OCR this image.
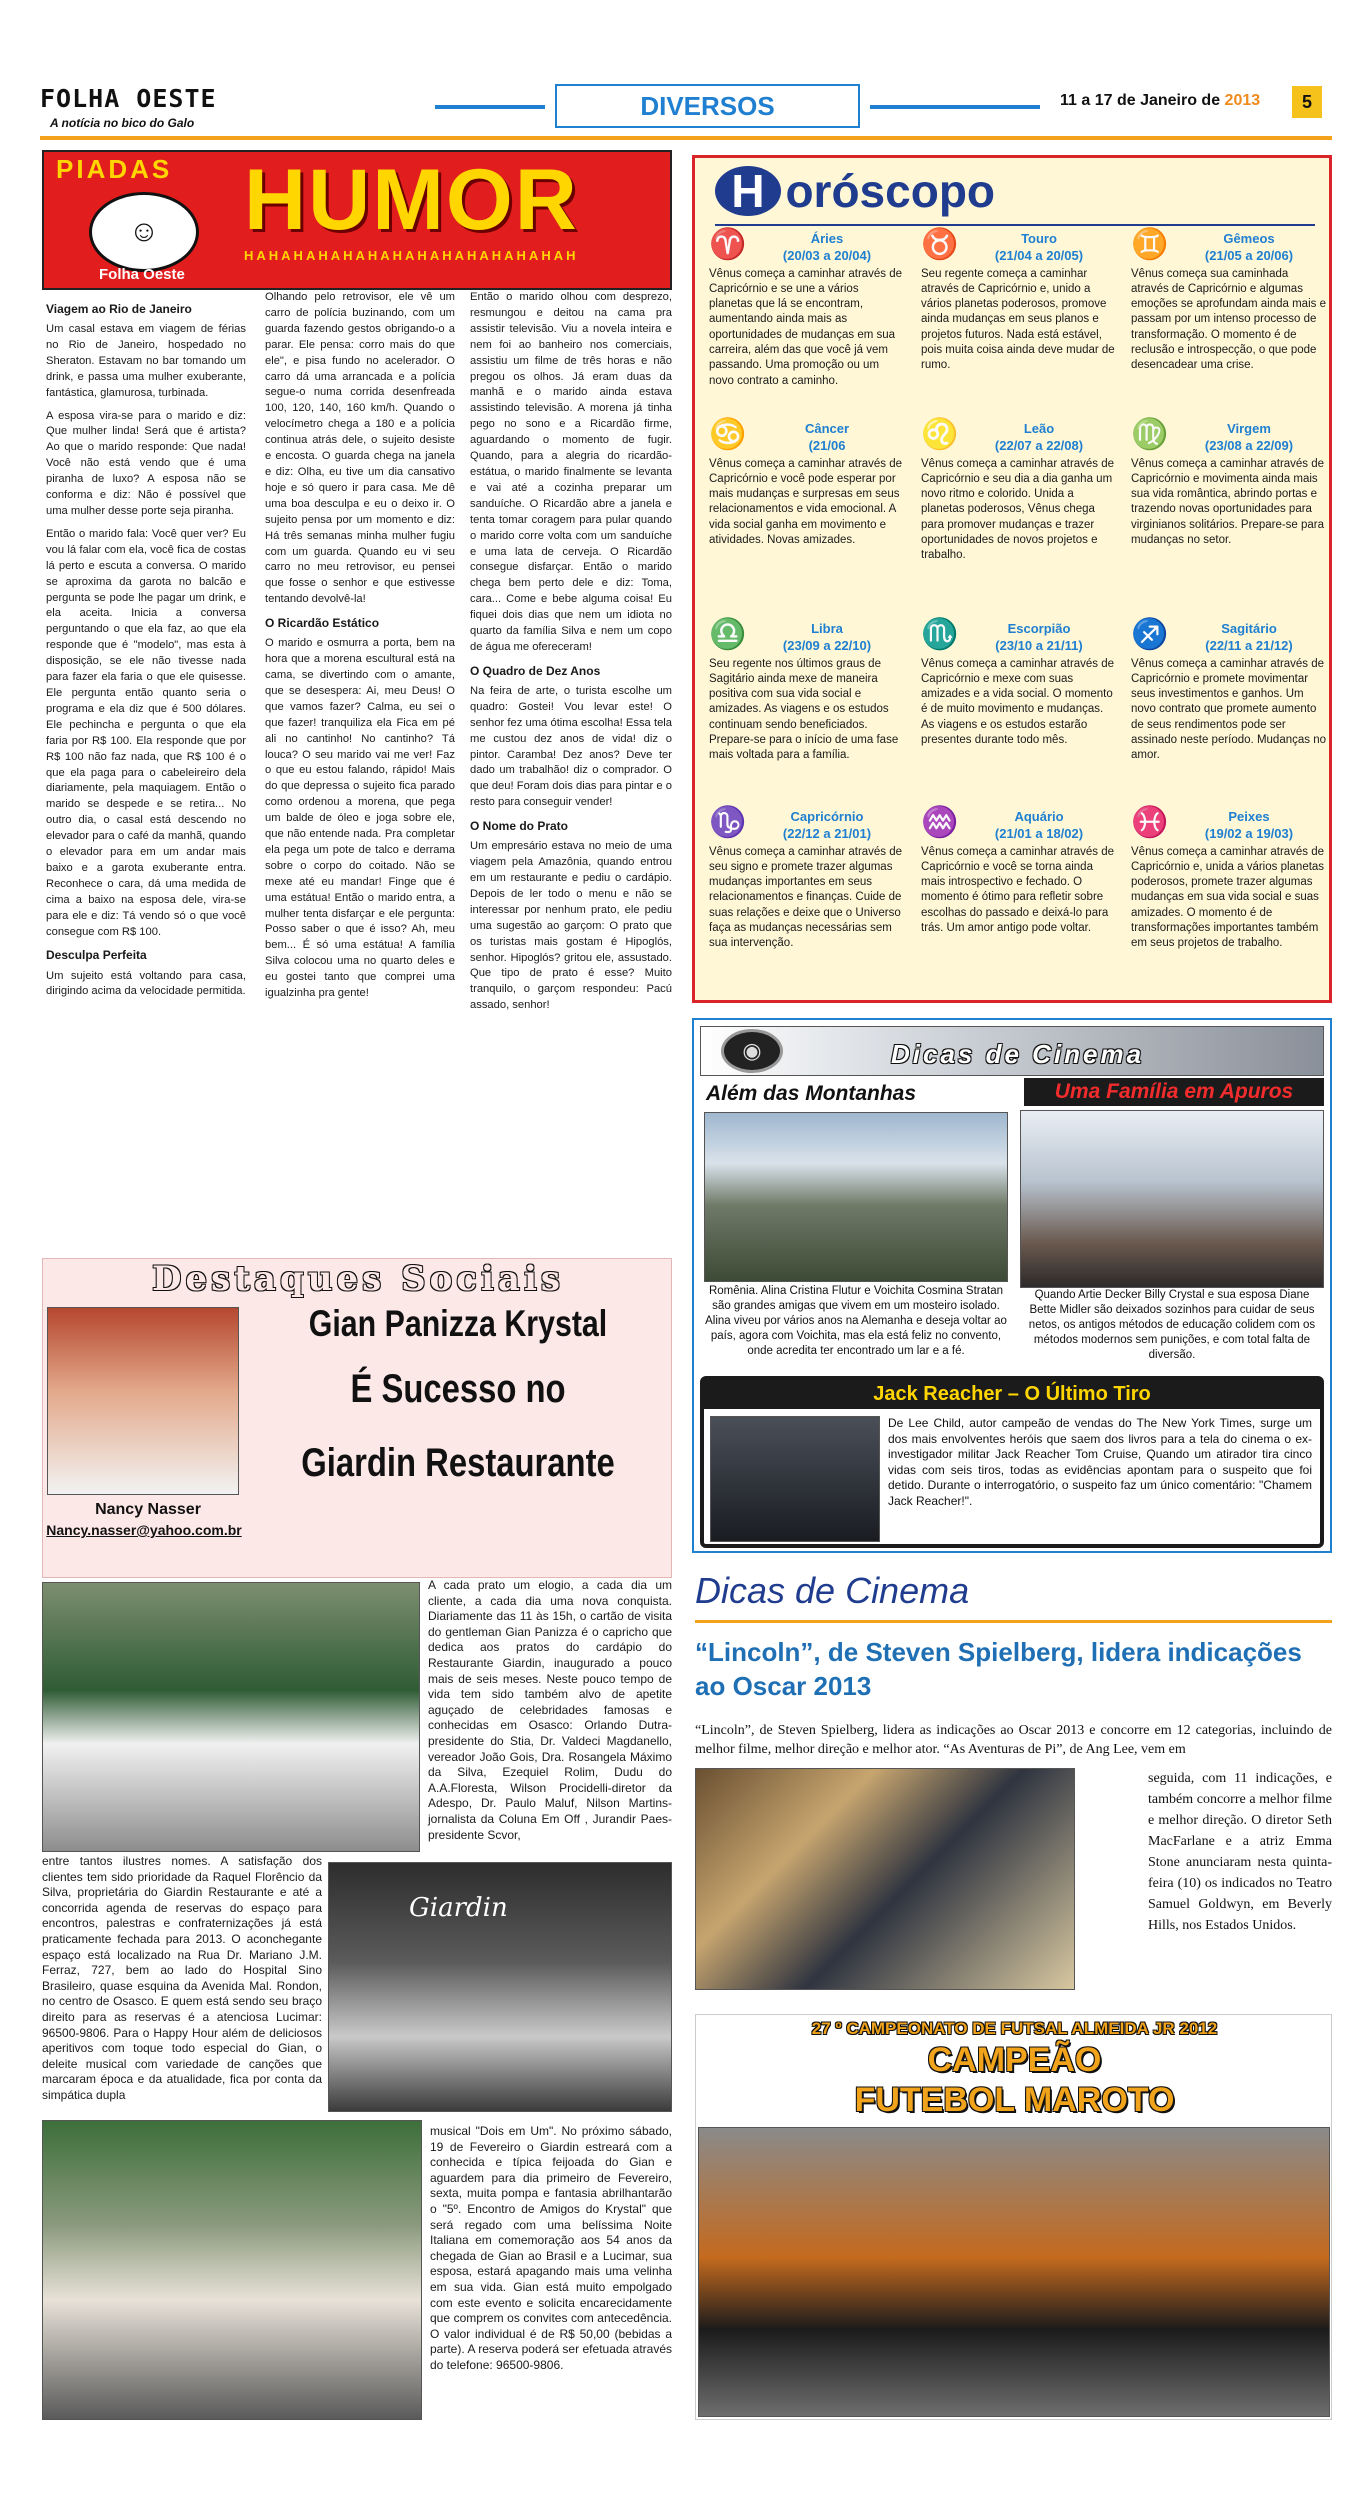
FOLHA OESTE
A notícia no bico do Galo
DIVERSOS	11 a 17 de Janeiro de 2013	5
PIADAS HUMOR
☺
HAHAHAHAHAHAHAHAHAHAHAHAHAH
Folha Oeste
Viagem ao Rio de Janeiro

Um casal estava em viagem de férias no Rio de Janeiro, hospedado no Sheraton. Estavam no bar tomando um drink, e passa uma mulher exuberante, fantástica, glamurosa, turbinada.

A esposa vira-se para o marido e diz: Que mulher linda! Será que é artista? Ao que o marido responde: Que nada! Você não está vendo que é uma piranha de luxo? A esposa não se conforma e diz: Não é possível que uma mulher desse porte seja piranha.

Então o marido fala: Você quer ver? Eu vou lá falar com ela, você fica de costas lá perto e escuta a conversa. O marido se aproxima da garota no balcão e pergunta se pode lhe pagar um drink, e ela aceita. Inicia a conversa perguntando o que ela faz, ao que ela responde que é "modelo", mas esta à disposição, se ele não tivesse nada para fazer ela faria o que ele quisesse. Ele pergunta então quanto seria o programa e ela diz que é 500 dólares. Ele pechincha e pergunta o que ela faria por R$ 100. Ela responde que por R$ 100 não faz nada, que R$ 100 é o que ela paga para o cabeleireiro dela diariamente, pela maquiagem. Então o marido se despede e se retira... No outro dia, o casal está descendo no elevador para o café da manhã, quando o elevador para em um andar mais baixo e a garota exuberante entra. Reconhece o cara, dá uma medida de cima a baixo na esposa dele, vira-se para ele e diz: Tá vendo só o que você consegue com R$ 100.

Desculpa Perfeita

Um sujeito está voltando para casa, dirigindo acima da velocidade permitida.

Olhando pelo retrovisor, ele vê um carro de polícia buzinando, com um guarda fazendo gestos obrigando-o a parar. Ele pensa: corro mais do que ele", e pisa fundo no acelerador. O carro dá uma arrancada e a polícia segue-o numa corrida desenfreada 100, 120, 140, 160 km/h. Quando o velocímetro chega a 180 e a polícia continua atrás dele, o sujeito desiste e encosta. O guarda chega na janela e diz: Olha, eu tive um dia cansativo hoje e só quero ir para casa. Me dê uma boa desculpa e eu o deixo ir. O sujeito pensa por um momento e diz: Há três semanas minha mulher fugiu com um guarda. Quando eu vi seu carro no meu retrovisor, eu pensei que fosse o senhor e que estivesse tentando devolvê-la!

O Ricardão Estático

O marido e osmurra a porta, bem na hora que a morena escultural está na cama, se divertindo com o amante, que se desespera: Ai, meu Deus! O que vamos fazer? Calma, eu sei o que fazer! tranquiliza ela Fica em pé ali no cantinho! No cantinho? Tá louca? O seu marido vai me ver! Faz o que eu estou falando, rápido! Mais do que depressa o sujeito fica parado como ordenou a morena, que pega um balde de óleo e joga sobre ele, que não entende nada. Pra completar ela pega um pote de talco e derrama sobre o corpo do coitado. Não se mexe até eu mandar! Finge que é uma estátua! Então o marido entra, a mulher tenta disfarçar e ele pergunta: Posso saber o que é isso? Ah, meu bem... É só uma estátua! A família Silva colocou uma no quarto deles e eu gostei tanto que comprei uma igualzinha pra gente!

Então o marido olhou com desprezo, resmungou e deitou na cama pra assistir televisão. Viu a novela inteira e nem foi ao banheiro nos comerciais, assistiu um filme de três horas e não pregou os olhos. Já eram duas da manhã e o marido ainda estava assistindo televisão. A morena já tinha pego no sono e a Ricardão firme, aguardando o momento de fugir. Quando, para a alegria do ricardão-estátua, o marido finalmente se levanta e vai até a cozinha preparar um sanduíche. O Ricardão abre a janela e tenta tomar coragem para pular quando o marido corre volta com um sanduíche e uma lata de cerveja. O Ricardão consegue disfarçar. Então o marido chega bem perto dele e diz: Toma, cara... Come e bebe alguma coisa! Eu fiquei dois dias que nem um idiota no quarto da família Silva e nem um copo de água me ofereceram!

O Quadro de Dez Anos

Na feira de arte, o turista escolhe um quadro: Gostei! Vou levar este! O senhor fez uma ótima escolha! Essa tela me custou dez anos de vida! diz o pintor. Caramba! Dez anos? Deve ter dado um trabalhão! diz o comprador. O que deu! Foram dois dias para pintar e o resto para conseguir vender!

O Nome do Prato

Um empresário estava no meio de uma viagem pela Amazônia, quando entrou em um restaurante e pediu o cardápio. Depois de ler todo o menu e não se interessar por nenhum prato, ele pediu uma sugestão ao garçom: O prato que os turistas mais gostam é Hipoglós, senhor. Hipoglós? gritou ele, assustado. Que tipo de prato é esse? Muito tranquilo, o garçom respondeu: Pacú assado, senhor!

H oróscopo
♈	Áries
(20/03 a 20/04)
Vênus começa a caminhar através de Capricórnio e se une a vários planetas que lá se encontram, aumentando ainda mais as oportunidades de mudanças em sua carreira, além das que você já vem passando. Uma promoção ou um novo contrato a caminho.
♉	Touro
(21/04 a 20/05)
Seu regente começa a caminhar através de Capricórnio e, unido a vários planetas poderosos, promove ainda mudanças em seus planos e projetos futuros. Nada está estável, pois muita coisa ainda deve mudar de rumo.
♊	Gêmeos
(21/05 a 20/06)
Vênus começa sua caminhada através de Capricórnio e algumas emoções se aprofundam ainda mais e passam por um intenso processo de transformação. O momento é de reclusão e introspecção, o que pode desencadear uma crise.
♋	Câncer
(21/06
Vênus começa a caminhar através de Capricórnio e você pode esperar por mais mudanças e surpresas em seus relacionamentos e vida emocional. A vida social ganha em movimento e atividades. Novas amizades.
♌	Leão
(22/07 a 22/08)
Vênus começa a caminhar através de Capricórnio e seu dia a dia ganha um novo ritmo e colorido. Unida a planetas poderosos, Vênus chega para promover mudanças e trazer oportunidades de novos projetos e trabalho.
♍	Virgem
(23/08 a 22/09)
Vênus começa a caminhar através de Capricórnio e movimenta ainda mais sua vida romântica, abrindo portas e trazendo novas oportunidades para virginianos solitários. Prepare-se para mudanças no setor.
♎	Libra
(23/09 a 22/10)
Seu regente nos últimos graus de Sagitário ainda mexe de maneira positiva com sua vida social e amizades. As viagens e os estudos continuam sendo beneficiados. Prepare-se para o início de uma fase mais voltada para a família.
♏	Escorpião
(23/10 a 21/11)
Vênus começa a caminhar através de Capricórnio e mexe com suas amizades e a vida social. O momento é de muito movimento e mudanças. As viagens e os estudos estarão presentes durante todo mês.
♐	Sagitário
(22/11 a 21/12)
Vênus começa a caminhar através de Capricórnio e promete movimentar seus investimentos e ganhos. Um novo contrato que promete aumento de seus rendimentos pode ser assinado neste período. Mudanças no amor.
♑	Capricórnio
(22/12 a 21/01)
Vênus começa a caminhar através de seu signo e promete trazer algumas mudanças importantes em seus relacionamentos e finanças. Cuide de suas relações e deixe que o Universo faça as mudanças necessárias sem sua intervenção.
♒	Aquário
(21/01 a 18/02)
Vênus começa a caminhar através de Capricórnio e você se torna ainda mais introspectivo e fechado. O momento é ótimo para refletir sobre escolhas do passado e deixá-lo para trás. Um amor antigo pode voltar.
♓	Peixes
(19/02 a 19/03)
Vênus começa a caminhar através de Capricórnio e, unida a vários planetas poderosos, promete trazer algumas mudanças em sua vida social e suas amizades. O momento é de transformações importantes também em seus projetos de trabalho.
◉	Dicas de Cinema
Além das Montanhas
Romênia. Alina Cristina Flutur e Voichita Cosmina Stratan são grandes amigas que vivem em um mosteiro isolado. Alina viveu por vários anos na Alemanha e deseja voltar ao país, agora com Voichita, mas ela está feliz no convento, onde acredita ter encontrado um lar e a fé.
Uma Família em Apuros
Quando Artie Decker Billy Crystal e sua esposa Diane Bette Midler são deixados sozinhos para cuidar de seus netos, os antigos métodos de educação colidem com os métodos modernos sem punições, e com total falta de diversão.
Jack Reacher – O Último Tiro
De Lee Child, autor campeão de vendas do The New York Times, surge um dos mais envolventes heróis que saem dos livros para a tela do cinema o ex-investigador militar Jack Reacher Tom Cruise, Quando um atirador tira cinco vidas com seis tiros, todas as evidências apontam para o suspeito que foi detido. Durante o interrogatório, o suspeito faz um único comentário: "Chamem Jack Reacher!".
Destaques Sociais
Nancy Nasser
Nancy.nasser@yahoo.com.br
Gian Panizza Krystal
É Sucesso no
Giardin Restaurante
A cada prato um elogio, a cada dia um cliente, a cada dia uma nova conquista. Diariamente das 11 às 15h, o cartão de visita do gentleman Gian Panizza é o capricho que dedica aos pratos do cardápio do Restaurante Giardin, inaugurado a pouco mais de seis meses. Neste pouco tempo de vida tem sido também alvo de apetite aguçado de celebridades famosas e conhecidas em Osasco: Orlando Dutra- presidente do Stia, Dr. Valdeci Magdanello, vereador João Gois, Dra. Rosangela Máximo da Silva, Ezequiel Rolim, Dudu do A.A.Floresta, Wilson Procidelli-diretor da Adespo, Dr. Paulo Maluf, Nilson Martins-jornalista da Coluna Em Off , Jurandir Paes-presidente Scvor,
entre tantos ilustres nomes. A satisfação dos clientes tem sido prioridade da Raquel Florêncio da Silva, proprietária do Giardin Restaurante e até a concorrida agenda de reservas do espaço para encontros, palestras e confraternizações já está praticamente fechada para 2013. O aconchegante espaço está localizado na Rua Dr. Mariano J.M. Ferraz, 727, bem ao lado do Hospital Sino Brasileiro, quase esquina da Avenida Mal. Rondon, no centro de Osasco. E quem está sendo seu braço direito para as reservas é a atenciosa Lucimar: 96500-9806. Para o Happy Hour além de deliciosos aperitivos com toque todo especial do Gian, o deleite musical com variedade de canções que marcaram época e da atualidade, fica por conta da simpática dupla
Giardin
musical "Dois em Um". No próximo sábado, 19 de Fevereiro o Giardin estreará com a conhecida e típica feijoada do Gian e aguardem para dia primeiro de Fevereiro, sexta, muita pompa e fantasia abrilhantarão o "5º. Encontro de Amigos do Krystal" que será regado com uma belíssima Noite Italiana em comemoração aos 54 anos da chegada de Gian ao Brasil e a Lucimar, sua esposa, estará apagando mais uma velinha em sua vida. Gian está muito empolgado com este evento e solicita encarecidamente que comprem os convites com antecedência. O valor individual é de R$ 50,00 (bebidas a parte). A reserva poderá ser efetuada através do telefone: 96500-9806.
Dicas de Cinema
“Lincoln”, de Steven Spielberg, lidera indicações ao Oscar 2013
“Lincoln”, de Steven Spielberg, lidera as indicações ao Oscar 2013 e concorre em 12 categorias, incluindo de melhor filme, melhor direção e melhor ator. “As Aventuras de Pi”, de Ang Lee, vem em
seguida, com 11 indicações, e também concorre a melhor filme e melhor direção. O diretor Seth MacFarlane e a atriz Emma Stone anunciaram nesta quinta-feira (10) os indicados no Teatro Samuel Goldwyn, em Beverly Hills, nos Estados Unidos.
27 º CAMPEONATO DE FUTSAL ALMEIDA JR 2012
CAMPEÃO
FUTEBOL MAROTO
